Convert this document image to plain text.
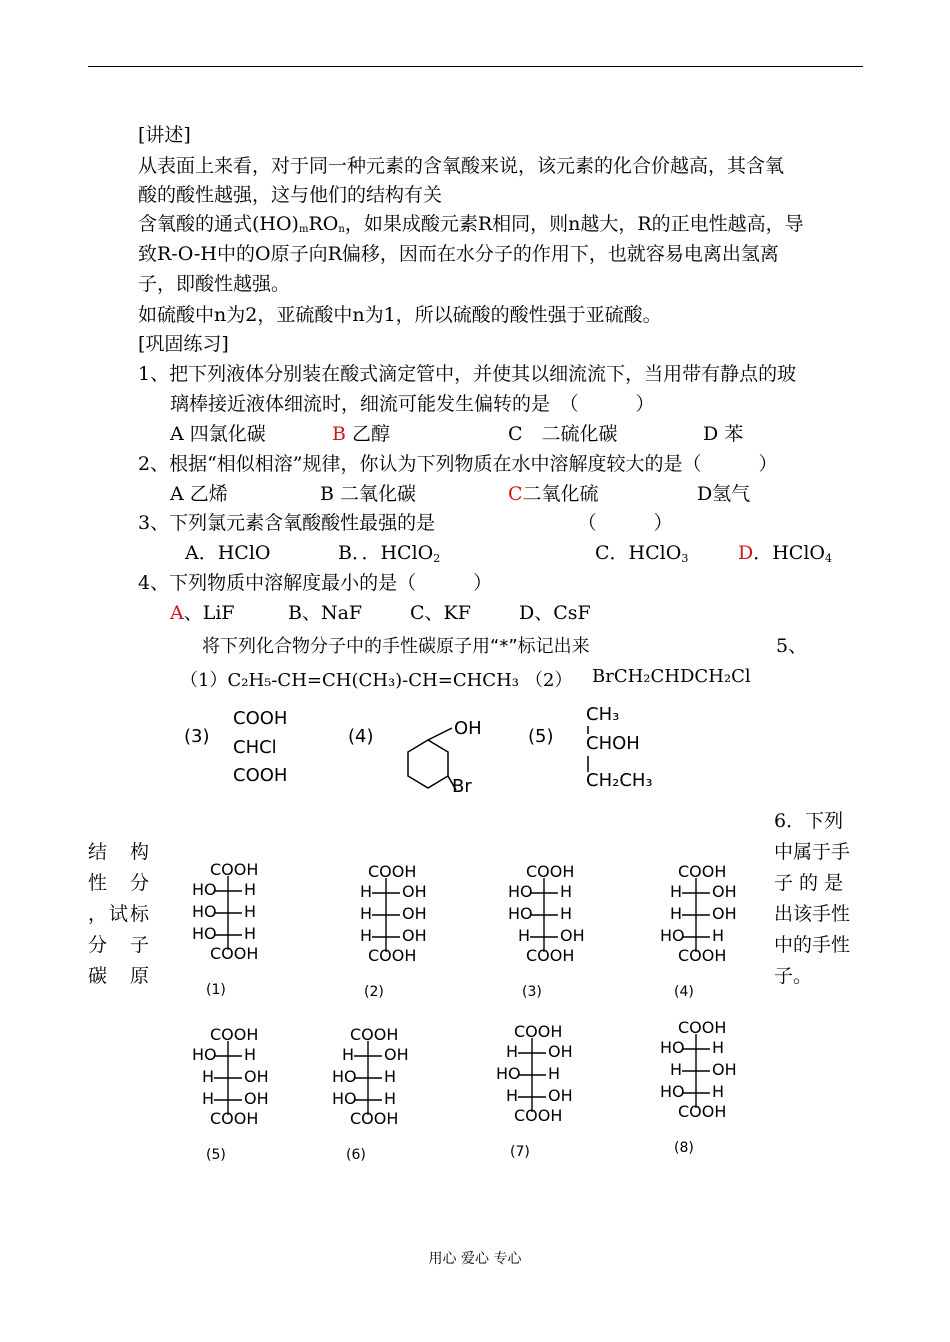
[讲述]
从表面上来看，对于同一种元素的含氧酸来说，该元素的化合价越高，其含氧
酸的酸性越强，这与他们的结构有关
含氧酸的通式(HO)mROn，如果成酸元素R相同，则n越大，R的正电性越高，导
致R-O-H中的O原子向R偏移，因而在水分子的作用下，也就容易电离出氢离
子，即酸性越强。
如硫酸中n为2，亚硫酸中n为1，所以硫酸的酸性强于亚硫酸。
[巩固练习]
1、把下列液体分别装在酸式滴定管中，并使其以细流流下，当用带有静点的玻
璃棒接近液体细流时，细流可能发生偏转的是　（　　　）
A 四氯化碳	B 乙醇	C　二硫化碳	D 苯
2、根据“相似相溶”规律，你认为下列物质在水中溶解度较大的是（　　　）
A 乙烯	B 二氧化碳	C二氧化硫	D氢气
3、下列氯元素含氧酸酸性最强的是　　　　　　　　（　　　）
A．HClO	B．．HClO$_2$	C．HClO$_3$	D．HClO$_4$
4、下列物质中溶解度最小的是（　　　）
A、LiF	B、NaF	C、KF	D、CsF
5、
将下列化合物分子中的手性碳原子用“*”标记出来
（1）C₂H₅-CH=CH(CH₃)-CH=CHCH₃ （2） BrCH₂CHDCH₂Cl
(3)
COOH
CHCl
COOH
(4)	OH
Br
(5)
CH₃
CHOH
CH₂CH₃
结　构
性　分
，试标
分　子
碳　原
6．下列
中属于手
子 的 是
出该手性
中的手性
子。
COOH
HO H
HO H
HO H
COOH
(1)
COOH
H OH
H OH
H OH
COOH
(2)
COOH
HO H
HO H
H OH
COOH
(3)
COOH
H OH
H OH
HO H
COOH
(4)
COOH
HO H
H OH
H OH
COOH
(5)
COOH
H OH
HO H
HO H
COOH
(6)
COOH
H OH
HO H
H OH
COOH
(7)
COOH
HO H
H OH
HO H
COOH
(8)
用心 爱心 专心
